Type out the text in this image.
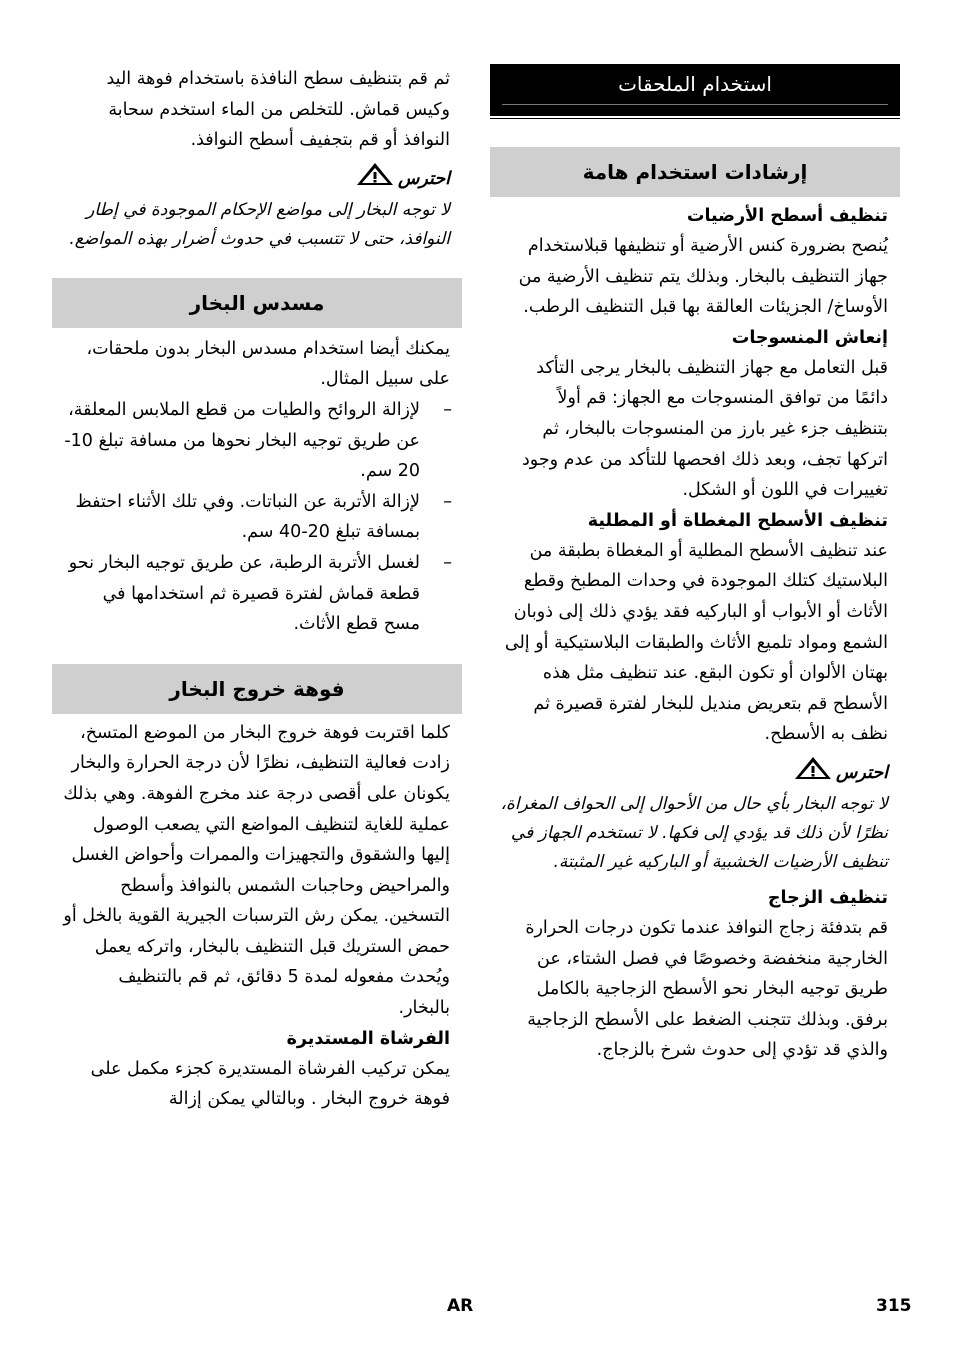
استخدام الملحقات
إرشادات استخدام هامة
تنظيف أسطح الأرضيات

يُنصح بضرورة كنس الأرضية أو تنظيفها قبلاستخدام جهاز التنظيف بالبخار. وبذلك يتم تنظيف الأرضية من الأوساخ/ الجزيئات العالقة بها قبل التنظيف الرطب.

إنعاش المنسوجات

قبل التعامل مع جهاز التنظيف بالبخار يرجى التأكد دائمًا من توافق المنسوجات مع الجهاز: قم أولاً بتنظيف جزء غير بارز من المنسوجات بالبخار، ثم اتركها تجف، وبعد ذلك افحصها للتأكد من عدم وجود تغييرات في اللون أو الشكل.

تنظيف الأسطح المغطاة أو المطلية

عند تنظيف الأسطح المطلية أو المغطاة بطبقة من البلاستيك كتلك الموجودة في وحدات المطبخ وقطع الأثاث أو الأبواب أو الباركيه فقد يؤدي ذلك إلى ذوبان الشمع ومواد تلميع الأثاث والطبقات البلاستيكية أو إلى بهتان الألوان أو تكون البقع. عند تنظيف مثل هذه الأسطح قم بتعريض منديل للبخار لفترة قصيرة ثم نظف به الأسطح.

احترس

لا توجه البخار بأي حال من الأحوال إلى الحواف المغراة، نظرًا لأن ذلك قد يؤدي إلى فكها. لا تستخدم الجهاز في تنظيف الأرضيات الخشبية أو الباركيه غير المثبتة.

تنظيف الزجاج

قم بتدفئة زجاج النوافذ عندما تكون درجات الحرارة الخارجية منخفضة وخصوصًا في فصل الشتاء، عن طريق توجيه البخار نحو الأسطح الزجاجية بالكامل برفق. وبذلك تتجنب الضغط على الأسطح الزجاجية والذي قد تؤدي إلى حدوث شرخ بالزجاج.

ثم قم بتنظيف سطح النافذة باستخدام فوهة اليد وكيس قماش. للتخلص من الماء استخدم سحابة النوافذ أو قم بتجفيف أسطح النوافذ.

احترس

لا توجه البخار إلى مواضع الإحكام الموجودة في إطار النوافذ، حتى لا تتسبب في حدوث أضرار بهذه المواضع.

مسدس البخار

يمكنك أيضا استخدام مسدس البخار بدون ملحقات، على سبيل المثال.

–
لإزالة الروائح والطيات من قطع الملابس المعلقة، عن طريق توجيه البخار نحوها من مسافة تبلغ 10-20 سم.
–
لإزالة الأتربة عن النباتات. وفي تلك الأثناء احتفظ بمسافة تبلغ 20-40 سم.
–
لغسل الأتربة الرطبة، عن طريق توجيه البخار نحو قطعة قماش لفترة قصيرة ثم استخدامها في مسح قطع الأثاث.
فوهة خروج البخار

كلما اقتربت فوهة خروج البخار من الموضع المتسخ، زادت فعالية التنظيف، نظرًا لأن درجة الحرارة والبخار يكونان على أقصى درجة عند مخرج الفوهة. وهي بذلك عملية للغاية لتنظيف المواضع التي يصعب الوصول إليها والشقوق والتجهيزات والممرات وأحواض الغسل والمراحيض وحاجبات الشمس بالنوافذ وأسطح التسخين. يمكن رش الترسبات الجيرية القوية بالخل أو حمض الستريك قبل التنظيف بالبخار، واتركه يعمل ويُحدث مفعوله لمدة 5 دقائق، ثم قم بالتنظيف بالبخار.

الفرشاة المستديرة

يمكن تركيب الفرشاة المستديرة كجزء مكمل على فوهة خروج البخار . وبالتالي يمكن إزالة

AR	315
